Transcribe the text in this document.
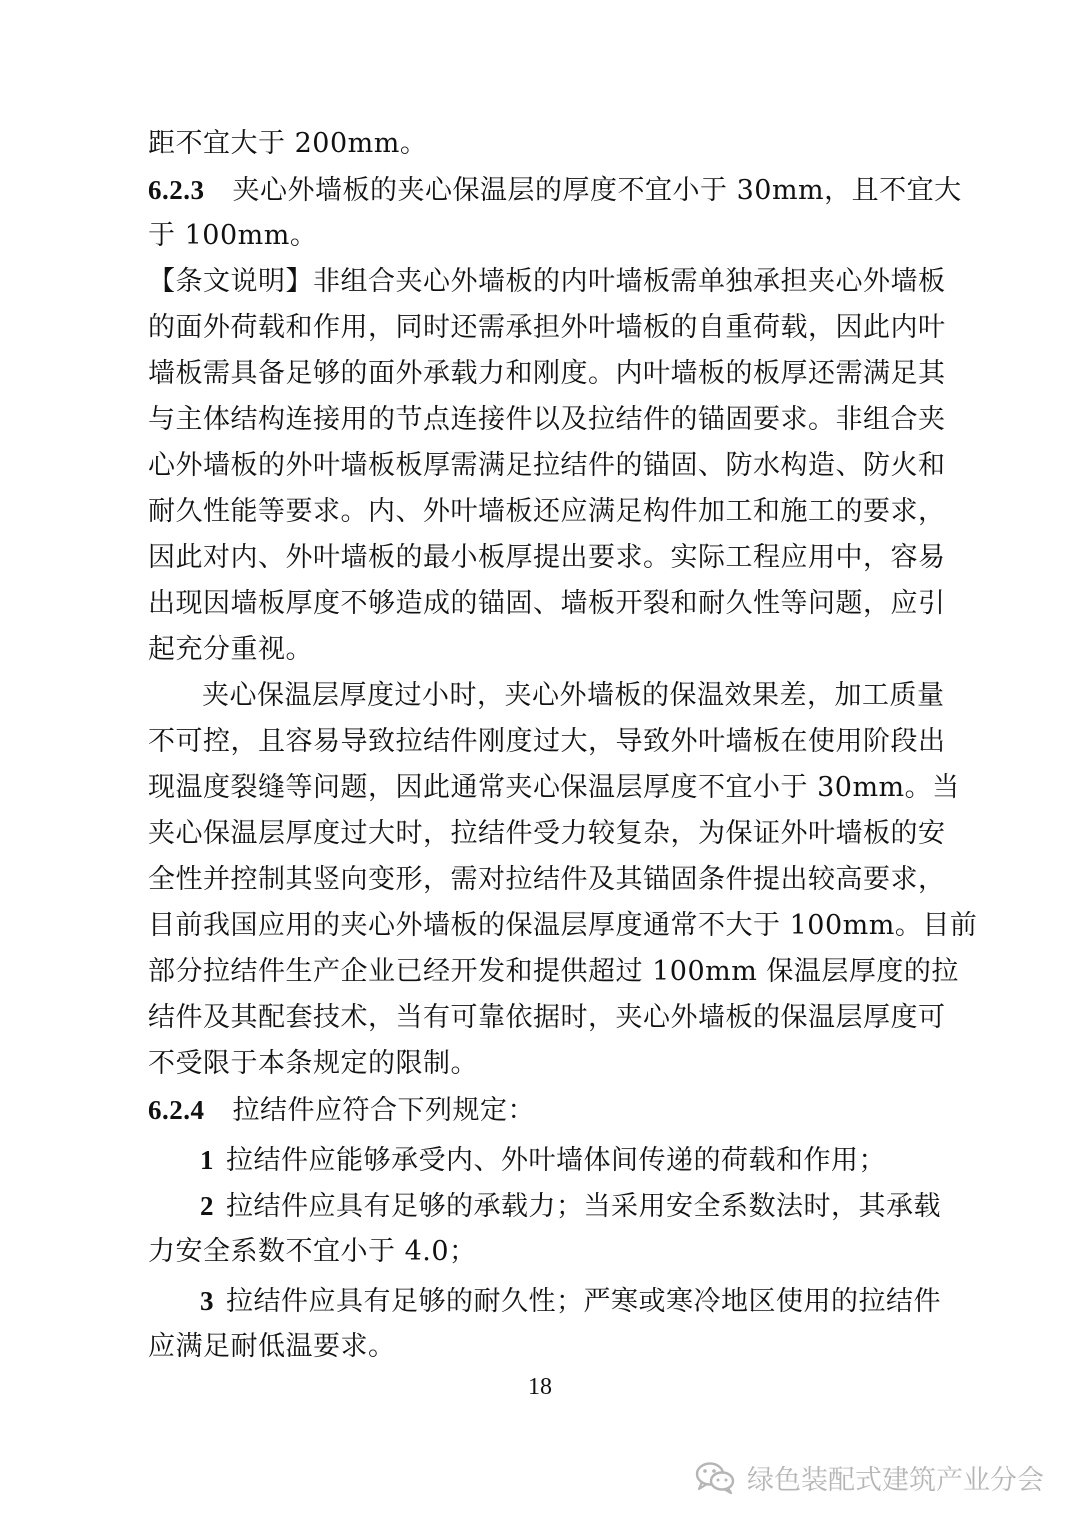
距不宜大于 200mm。
6.2.3 夹心外墙板的夹心保温层的厚度不宜小于 30mm，且不宜大
于 100mm。
【条文说明】非组合夹心外墙板的内叶墙板需单独承担夹心外墙板
的面外荷载和作用，同时还需承担外叶墙板的自重荷载，因此内叶
墙板需具备足够的面外承载力和刚度。内叶墙板的板厚还需满足其
与主体结构连接用的节点连接件以及拉结件的锚固要求。非组合夹
心外墙板的外叶墙板板厚需满足拉结件的锚固、防水构造、防火和
耐久性能等要求。内、外叶墙板还应满足构件加工和施工的要求，
因此对内、外叶墙板的最小板厚提出要求。实际工程应用中，容易
出现因墙板厚度不够造成的锚固、墙板开裂和耐久性等问题，应引
起充分重视。
夹心保温层厚度过小时，夹心外墙板的保温效果差，加工质量
不可控，且容易导致拉结件刚度过大，导致外叶墙板在使用阶段出
现温度裂缝等问题，因此通常夹心保温层厚度不宜小于 30mm。当
夹心保温层厚度过大时，拉结件受力较复杂，为保证外叶墙板的安
全性并控制其竖向变形，需对拉结件及其锚固条件提出较高要求，
目前我国应用的夹心外墙板的保温层厚度通常不大于 100mm。目前
部分拉结件生产企业已经开发和提供超过 100mm 保温层厚度的拉
结件及其配套技术，当有可靠依据时，夹心外墙板的保温层厚度可
不受限于本条规定的限制。
6.2.4 拉结件应符合下列规定：
1 拉结件应能够承受内、外叶墙体间传递的荷载和作用；
2 拉结件应具有足够的承载力；当采用安全系数法时，其承载
力安全系数不宜小于 4.0；
3 拉结件应具有足够的耐久性；严寒或寒冷地区使用的拉结件
应满足耐低温要求。
18
绿色装配式建筑产业分会
